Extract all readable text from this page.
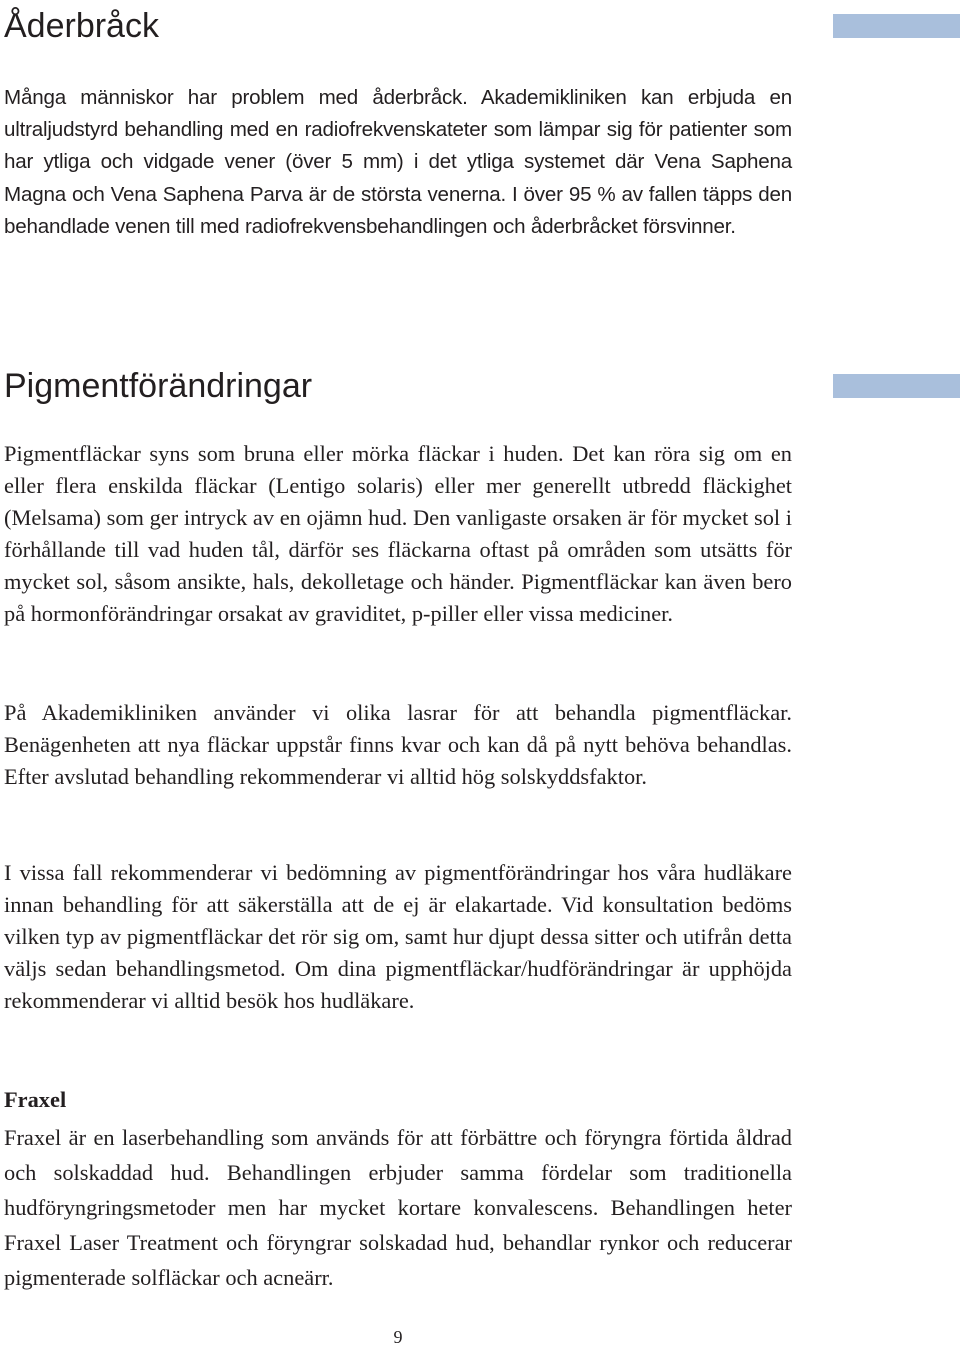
Åderbråck

Många människor har problem med åderbråck. Akademikliniken kan erbjuda en ultraljudstyrd behandling med en radiofrekvenskateter som lämpar sig för patienter som har ytliga och vidgade vener (över 5 mm) i det ytliga systemet där Vena Saphena Magna och Vena Saphena Parva är de största venerna. I över 95 % av fallen täpps den behandlade venen till med radiofrekvensbehandlingen och åderbråcket försvinner.

Pigmentförändringar

Pigmentfläckar syns som bruna eller mörka fläckar i huden. Det kan röra sig om en eller flera enskilda fläckar (Lentigo solaris) eller mer generellt utbredd fläckighet (Melsama) som ger intryck av en ojämn hud. Den vanligaste orsaken är för mycket sol i förhållande till vad huden tål, därför ses fläckarna oftast på områden som utsätts för mycket sol, såsom ansikte, hals, dekolletage och händer. Pigmentfläckar kan även bero på hormonförändringar orsakat av graviditet, p-piller eller vissa mediciner.

På Akademikliniken använder vi olika lasrar för att behandla pigmentfläckar. Benägenheten att nya fläckar uppstår finns kvar och kan då på nytt behöva behandlas. Efter avslutad behandling rekommenderar vi alltid hög solskyddsfaktor.

I vissa fall rekommenderar vi bedömning av pigmentförändringar hos våra hudläkare innan behandling för att säkerställa att de ej är elakartade. Vid konsultation bedöms vilken typ av pigmentfläckar det rör sig om, samt hur djupt dessa sitter och utifrån detta väljs sedan behandlingsmetod. Om dina pigmentfläckar/hudförändringar är upphöjda rekommenderar vi alltid besök hos hudläkare.

Fraxel

Fraxel är en laserbehandling som används för att förbättre och föryngra förtida åldrad och solskaddad hud. Behandlingen erbjuder samma fördelar som traditionella hudföryngringsmetoder men har mycket kortare konvalescens. Behandlingen heter Fraxel Laser Treatment och föryngrar solskadad hud, behandlar rynkor och reducerar pigmenterade solfläckar och acneärr.

9
